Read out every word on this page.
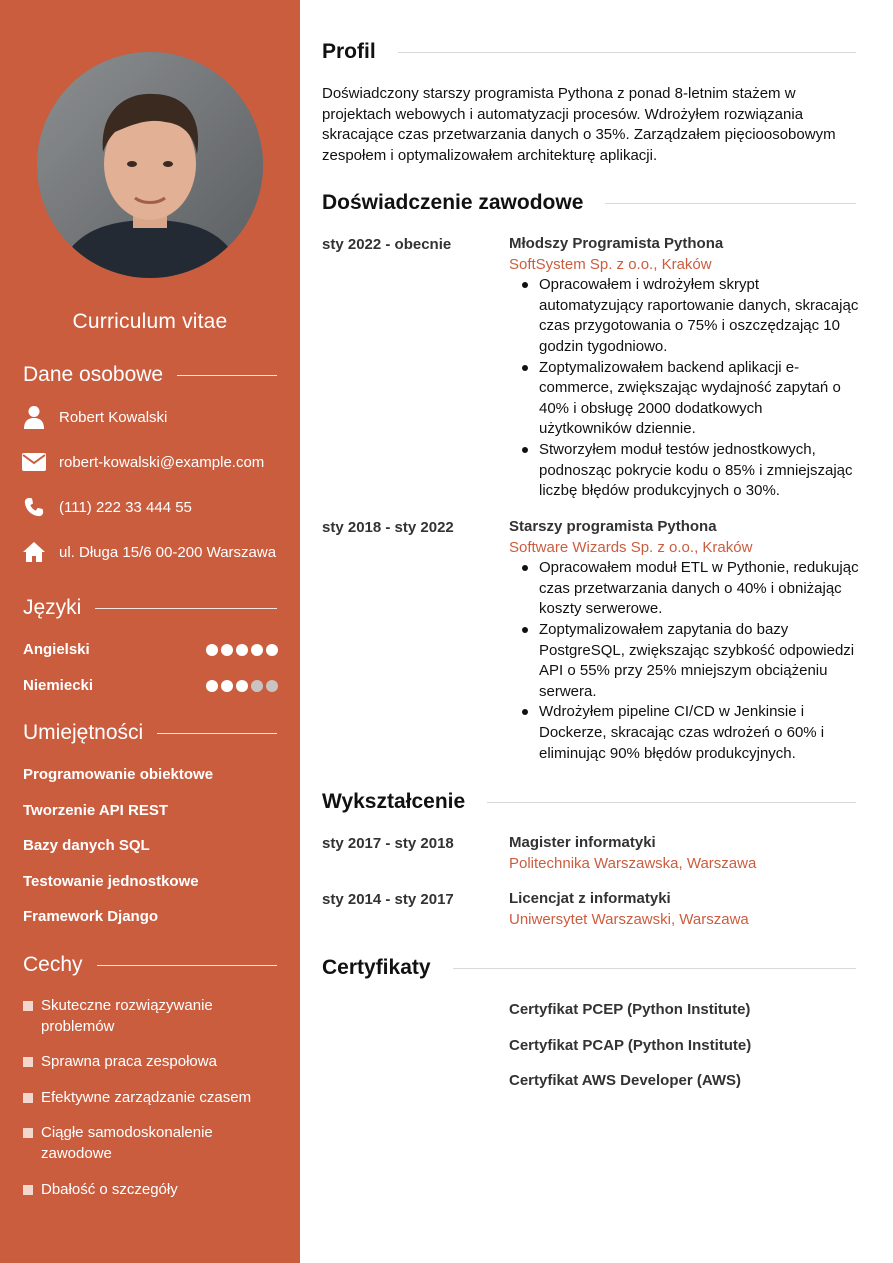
Curriculum vitae
Dane osobowe
Robert Kowalski
robert-kowalski@example.com
(111) 222 33 444 55
ul. Długa 15/6 00-200 Warszawa
Języki
Angielski
Niemiecki
Umiejętności
Programowanie obiektowe
Tworzenie API REST
Bazy danych SQL
Testowanie jednostkowe
Framework Django
Cechy
Skuteczne rozwiązywanie problemów
Sprawna praca zespołowa
Efektywne zarządzanie czasem
Ciągłe samodoskonalenie zawodowe
Dbałość o szczegóły
Profil
Doświadczony starszy programista Pythona z ponad 8-letnim stażem w projektach webowych i automatyzacji procesów. Wdrożyłem rozwiązania skracające czas przetwarzania danych o 35%. Zarządzałem pięcioosobowym zespołem i optymalizowałem architekturę aplikacji.
Doświadczenie zawodowe
sty 2022 - obecnie	Młodszy Programista Pythona
SoftSystem Sp. z o.o., Kraków
Opracowałem i wdrożyłem skrypt automatyzujący raportowanie danych, skracając czas przygotowania o 75% i oszczędzając 10 godzin tygodniowo.
Zoptymalizowałem backend aplikacji e-commerce, zwiększając wydajność zapytań o 40% i obsługę 2000 dodatkowych użytkowników dziennie.
Stworzyłem moduł testów jednostkowych, podnosząc pokrycie kodu o 85% i zmniejszając liczbę błędów produkcyjnych o 30%.
sty 2018 - sty 2022	Starszy programista Pythona
Software Wizards Sp. z o.o., Kraków
Opracowałem moduł ETL w Pythonie, redukując czas przetwarzania danych o 40% i obniżając koszty serwerowe.
Zoptymalizowałem zapytania do bazy PostgreSQL, zwiększając szybkość odpowiedzi API o 55% przy 25% mniejszym obciążeniu serwera.
Wdrożyłem pipeline CI/CD w Jenkinsie i Dockerze, skracając czas wdrożeń o 60% i eliminując 90% błędów produkcyjnych.
Wykształcenie
sty 2017 - sty 2018	Magister informatyki
Politechnika Warszawska, Warszawa
sty 2014 - sty 2017	Licencjat z informatyki
Uniwersytet Warszawski, Warszawa
Certyfikaty
Certyfikat PCEP (Python Institute)
Certyfikat PCAP (Python Institute)
Certyfikat AWS Developer (AWS)
